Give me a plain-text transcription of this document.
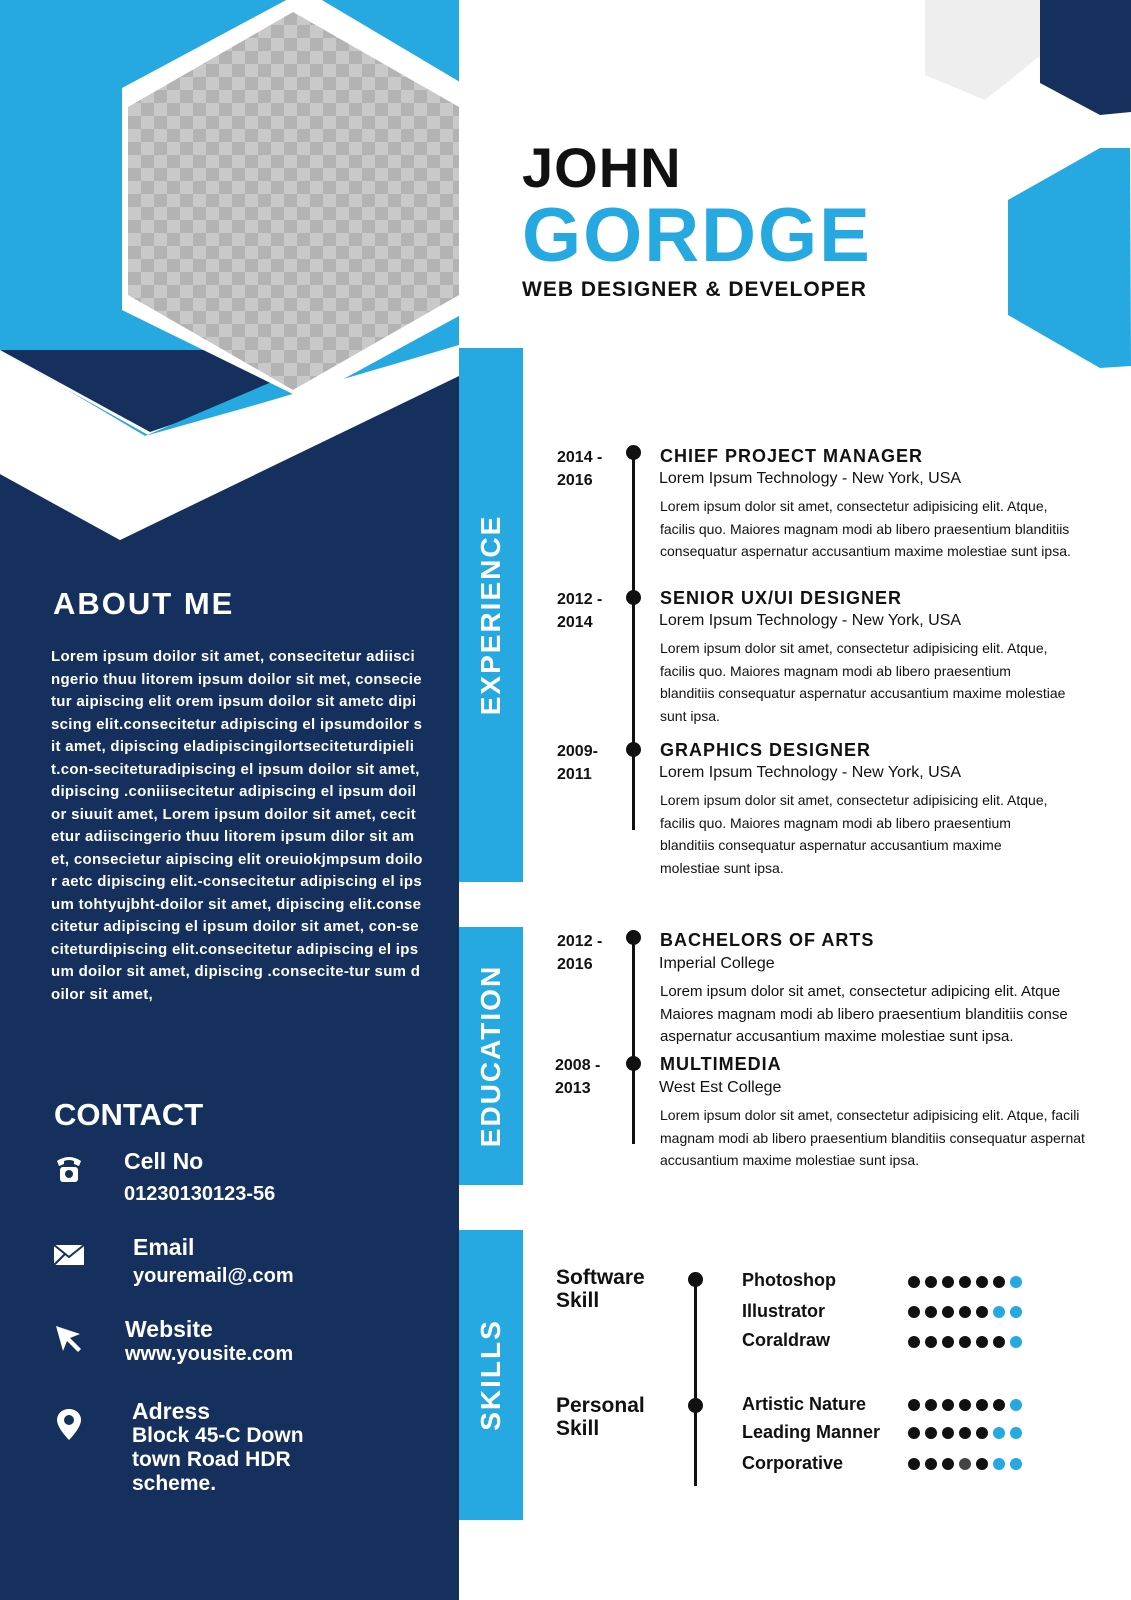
JOHN
GORDGE
WEB DESIGNER & DEVELOPER
EXPERIENCE
EDUCATION
SKILLS
ABOUT ME
Lorem ipsum doilor sit amet, consecitetur adiiscingerio thuu litorem ipsum doilor sit met, consecietur aipiscing elit orem ipsum doilor sit ametc dipiscing elit.consecitetur adipiscing el ipsumdoilor sit amet, dipiscing eladipiscingilortseciteturdipielit.con-seciteturadipiscing el ipsum doilor sit amet, dipiscing .coniiisecitetur adipiscing el ipsum doilor siuuit amet, Lorem ipsum doilor sit amet, cecitetur adiiscingerio thuu litorem ipsum dilor sit amet, consecietur aipiscing elit oreuiokjmpsum doilor aetc dipiscing elit.-consecitetur adipiscing el ipsum tohtyujbht-doilor sit amet, dipiscing elit.consecitetur adipiscing el ipsum doilor sit amet, con-seciteturdipiscing elit.consecitetur adipiscing el ipsum doilor sit amet, dipiscing .consecite-tur sum doilor sit amet,
CONTACT
Cell No
01230130123-56
Email
youremail@.com
Website
www.yousite.com
Adress
Block 45-C Down
town Road HDR
scheme.
2014 -
2016
CHIEF PROJECT MANAGER
Lorem Ipsum Technology - New York, USA
Lorem ipsum dolor sit amet, consectetur adipisicing elit. Atque,
facilis quo. Maiores magnam modi ab libero praesentium blanditiis
consequatur aspernatur accusantium maxime molestiae sunt ipsa.
2012 -
2014
SENIOR UX/UI DESIGNER
Lorem Ipsum Technology - New York, USA
Lorem ipsum dolor sit amet, consectetur adipisicing elit. Atque,
facilis quo. Maiores magnam modi ab libero praesentium
blanditiis consequatur aspernatur accusantium maxime molestiae
sunt ipsa.
2009-
2011
GRAPHICS DESIGNER
Lorem Ipsum Technology - New York, USA
Lorem ipsum dolor sit amet, consectetur adipisicing elit. Atque,
facilis quo. Maiores magnam modi ab libero praesentium
blanditiis consequatur aspernatur accusantium maxime
molestiae sunt ipsa.
2012 -
2016
BACHELORS OF ARTS
Imperial College
Lorem ipsum dolor sit amet, consectetur adipicing elit. Atque
Maiores magnam modi ab libero praesentium blanditiis conse
aspernatur accusantium maxime molestiae sunt ipsa.
2008 -
2013
MULTIMEDIA
West Est College
Lorem ipsum dolor sit amet, consectetur adipisicing elit. Atque, facili
magnam modi ab libero praesentium blanditiis consequatur aspernat
accusantium maxime molestiae sunt ipsa.
Software
Skill
Personal
Skill
Photoshop
Illustrator
Coraldraw
Artistic Nature
Leading Manner
Corporative
